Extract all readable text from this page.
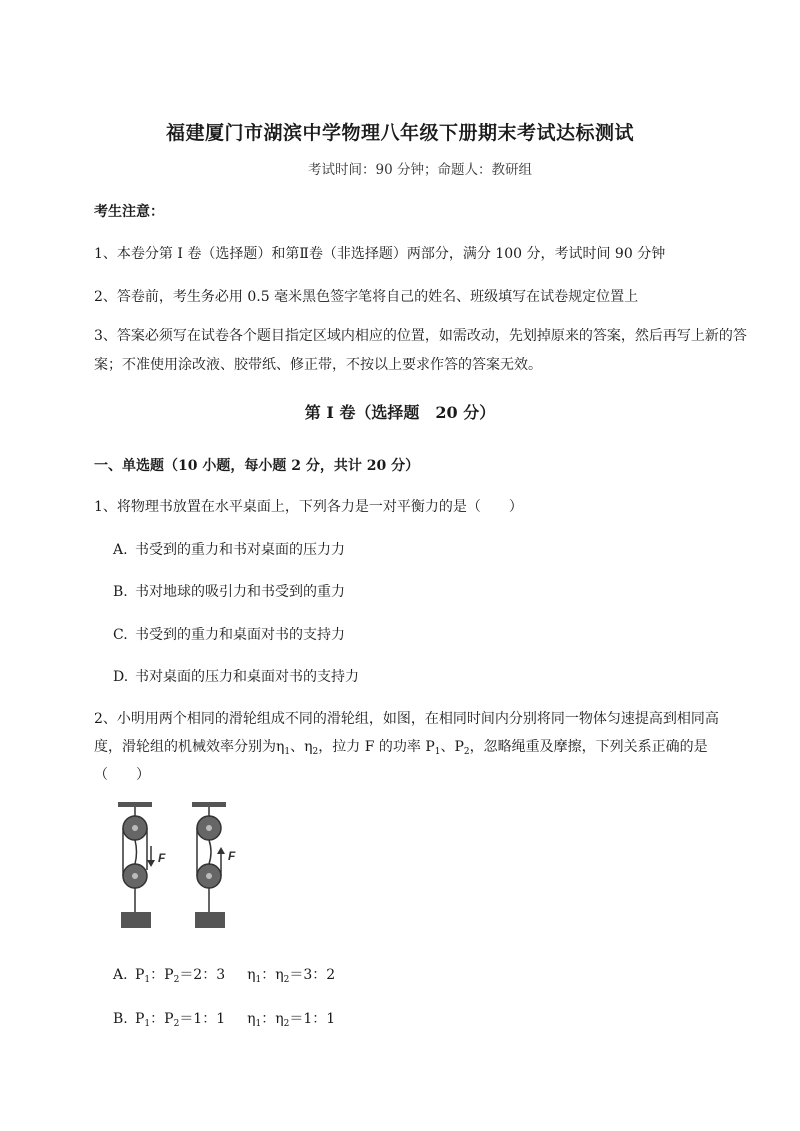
福建厦门市湖滨中学物理八年级下册期末考试达标测试
考试时间：90 分钟；命题人：教研组
考生注意：
1、本卷分第 I 卷（选择题）和第Ⅱ卷（非选择题）两部分，满分 100 分，考试时间 90 分钟
2、答卷前，考生务必用 0.5 毫米黑色签字笔将自己的姓名、班级填写在试卷规定位置上
3、答案必须写在试卷各个题目指定区域内相应的位置，如需改动，先划掉原来的答案，然后再写上新的答案；不准使用涂改液、胶带纸、修正带，不按以上要求作答的答案无效。
第 I 卷（选择题　20 分）
一、单选题（10 小题，每小题 2 分，共计 20 分）
1、将物理书放置在水平桌面上，下列各力是一对平衡力的是（　　）
A. 书受到的重力和书对桌面的压力力
B. 书对地球的吸引力和书受到的重力
C. 书受到的重力和桌面对书的支持力
D. 书对桌面的压力和桌面对书的支持力
2、小明用两个相同的滑轮组成不同的滑轮组，如图，在相同时间内分别将同一物体匀速提高到相同高
度，滑轮组的机械效率分别为$\eta_1$、$\eta_2$，拉力 F 的功率 $P_1$、$P_2$，忽略绳重及摩擦，下列关系正确的是
（　　）
F	F
A. $P_1$：$P_2=2$：3 $\eta_1$：$\eta_2=3$：2
B. $P_1$：$P_2=1$：1 $\eta_1$：$\eta_2=1$：1
